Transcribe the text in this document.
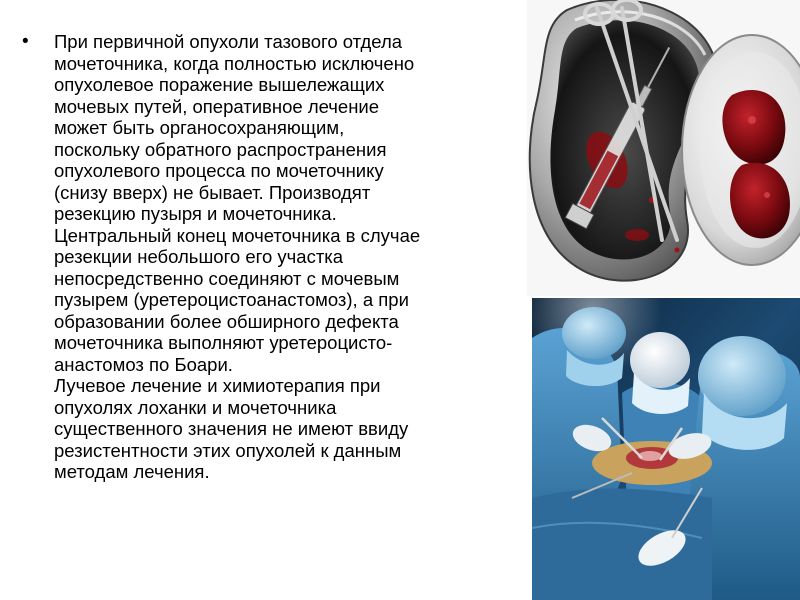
•	При первичной опухоли тазового отдела
мочеточника, когда полностью исключено
опухолевое поражение вышележащих
мочевых путей, оперативное лечение
может быть органосохраняющим,
поскольку обратного распространения
опухолевого процесса по мочеточнику
(снизу вверх) не бывает. Производят
резекцию пузыря и мочеточника.
Центральный конец мочеточника в случае
резекции небольшого его участка
непосредственно соединяют с мочевым
пузырем (уретероцистоанастомоз), а при
образовании более обширного дефекта
мочеточника выполняют уретероцисто-
анастомоз по Боари.
Лучевое лечение и химиотерапия при
опухолях лоханки и мочеточника
существенного значения не имеют ввиду
резистентности этих опухолей к данным
методам лечения.
